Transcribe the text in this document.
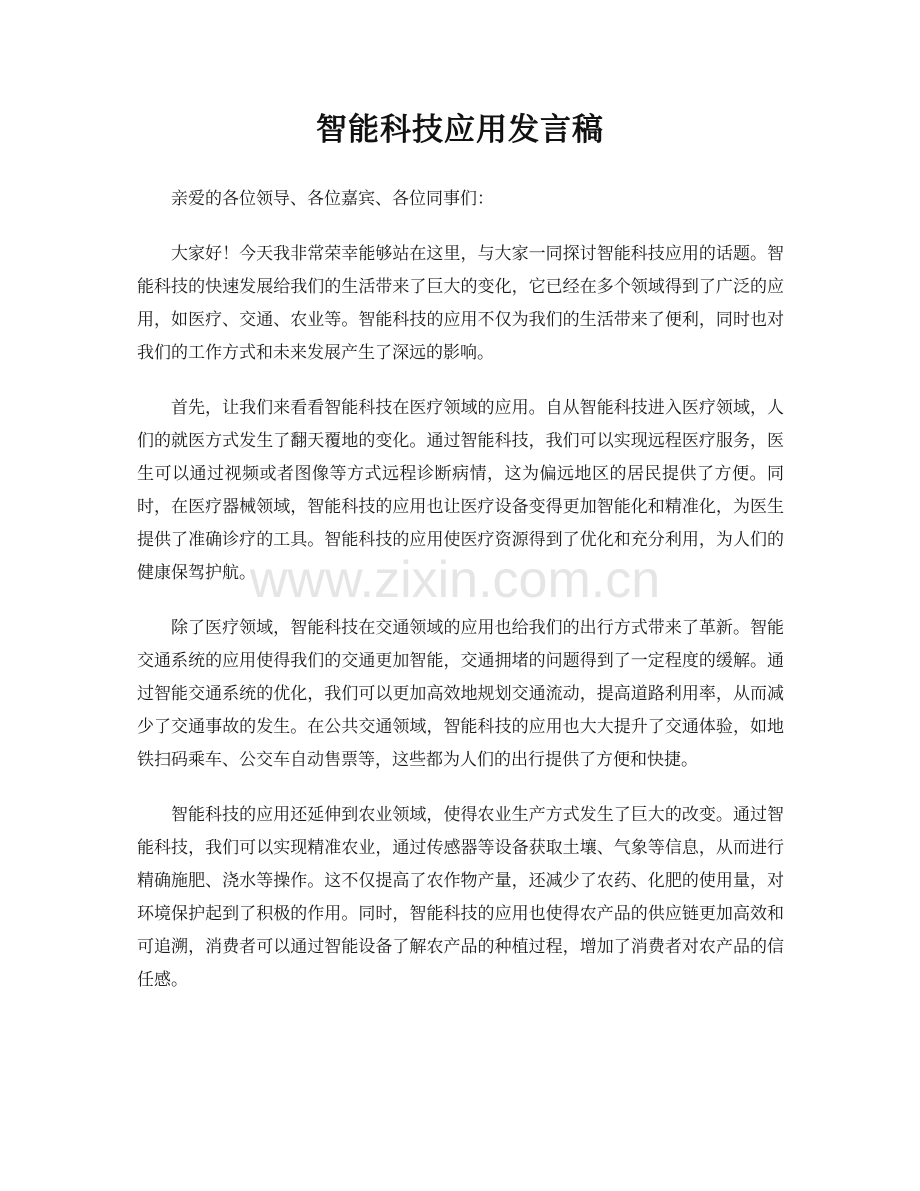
智能科技应用发言稿

亲爱的各位领导、各位嘉宾、各位同事们：

大家好！今天我非常荣幸能够站在这里，与大家一同探讨智能科技应用的话题。智能科技的快速发展给我们的生活带来了巨大的变化，它已经在多个领域得到了广泛的应用，如医疗、交通、农业等。智能科技的应用不仅为我们的生活带来了便利，同时也对我们的工作方式和未来发展产生了深远的影响。

首先，让我们来看看智能科技在医疗领域的应用。自从智能科技进入医疗领域，人们的就医方式发生了翻天覆地的变化。通过智能科技，我们可以实现远程医疗服务，医生可以通过视频或者图像等方式远程诊断病情，这为偏远地区的居民提供了方便。同时，在医疗器械领域，智能科技的应用也让医疗设备变得更加智能化和精准化，为医生提供了准确诊疗的工具。智能科技的应用使医疗资源得到了优化和充分利用，为人们的健康保驾护航。

除了医疗领域，智能科技在交通领域的应用也给我们的出行方式带来了革新。智能交通系统的应用使得我们的交通更加智能，交通拥堵的问题得到了一定程度的缓解。通过智能交通系统的优化，我们可以更加高效地规划交通流动，提高道路利用率，从而减少了交通事故的发生。在公共交通领域，智能科技的应用也大大提升了交通体验，如地铁扫码乘车、公交车自动售票等，这些都为人们的出行提供了方便和快捷。

智能科技的应用还延伸到农业领域，使得农业生产方式发生了巨大的改变。通过智能科技，我们可以实现精准农业，通过传感器等设备获取土壤、气象等信息，从而进行精确施肥、浇水等操作。这不仅提高了农作物产量，还减少了农药、化肥的使用量，对环境保护起到了积极的作用。同时，智能科技的应用也使得农产品的供应链更加高效和可追溯，消费者可以通过智能设备了解农产品的种植过程，增加了消费者对农产品的信任感。

www.zixin.com.cn
